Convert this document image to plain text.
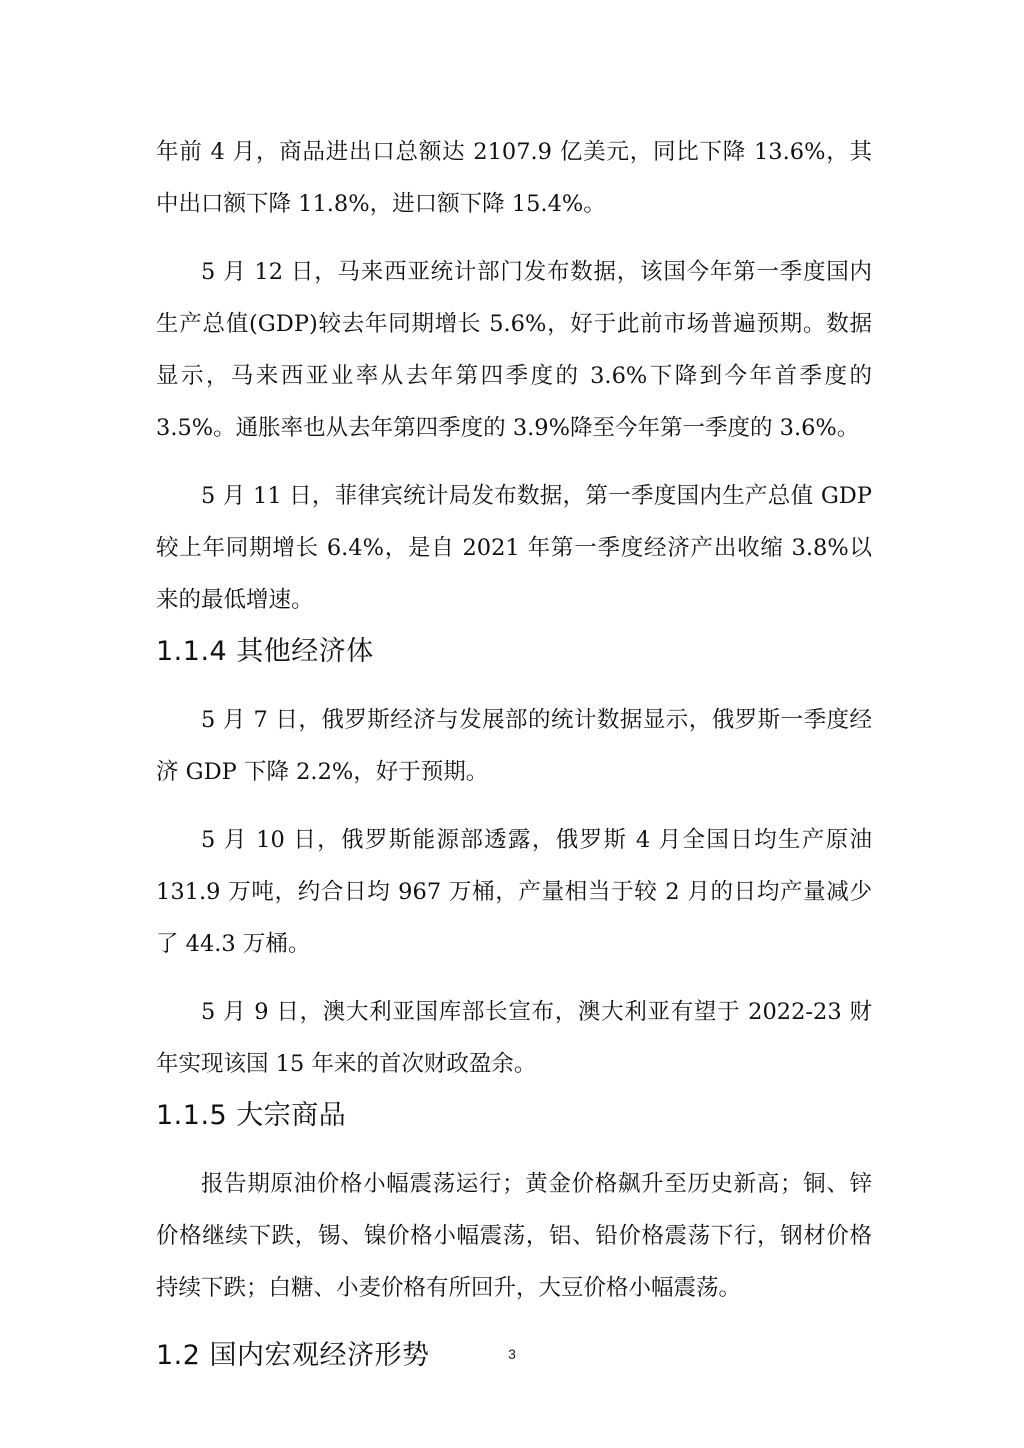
年前 4 月，商品进出口总额达 2107.9 亿美元，同比下降 13.6%，其中出口额下降 11.8%，进口额下降 15.4%。

5 月 12 日，马来西亚统计部门发布数据，该国今年第一季度国内生产总值(GDP)较去年同期增长 5.6%，好于此前市场普遍预期。数据显示，马来西亚业率从去年第四季度的 3.6%下降到今年首季度的 3.5%。通胀率也从去年第四季度的 3.9%降至今年第一季度的 3.6%。

5 月 11 日，菲律宾统计局发布数据，第一季度国内生产总值 GDP 较上年同期增长 6.4%，是自 2021 年第一季度经济产出收缩 3.8%以来的最低增速。

1.1.4 其他经济体

5 月 7 日，俄罗斯经济与发展部的统计数据显示，俄罗斯一季度经济 GDP 下降 2.2%，好于预期。

5 月 10 日，俄罗斯能源部透露，俄罗斯 4 月全国日均生产原油 131.9 万吨，约合日均 967 万桶，产量相当于较 2 月的日均产量减少了 44.3 万桶。

5 月 9 日，澳大利亚国库部长宣布，澳大利亚有望于 2022-23 财年实现该国 15 年来的首次财政盈余。

1.1.5 大宗商品

报告期原油价格小幅震荡运行；黄金价格飙升至历史新高；铜、锌价格继续下跌，锡、镍价格小幅震荡，铝、铅价格震荡下行，钢材价格持续下跌；白糖、小麦价格有所回升，大豆价格小幅震荡。

1.2 国内宏观经济形势	3
